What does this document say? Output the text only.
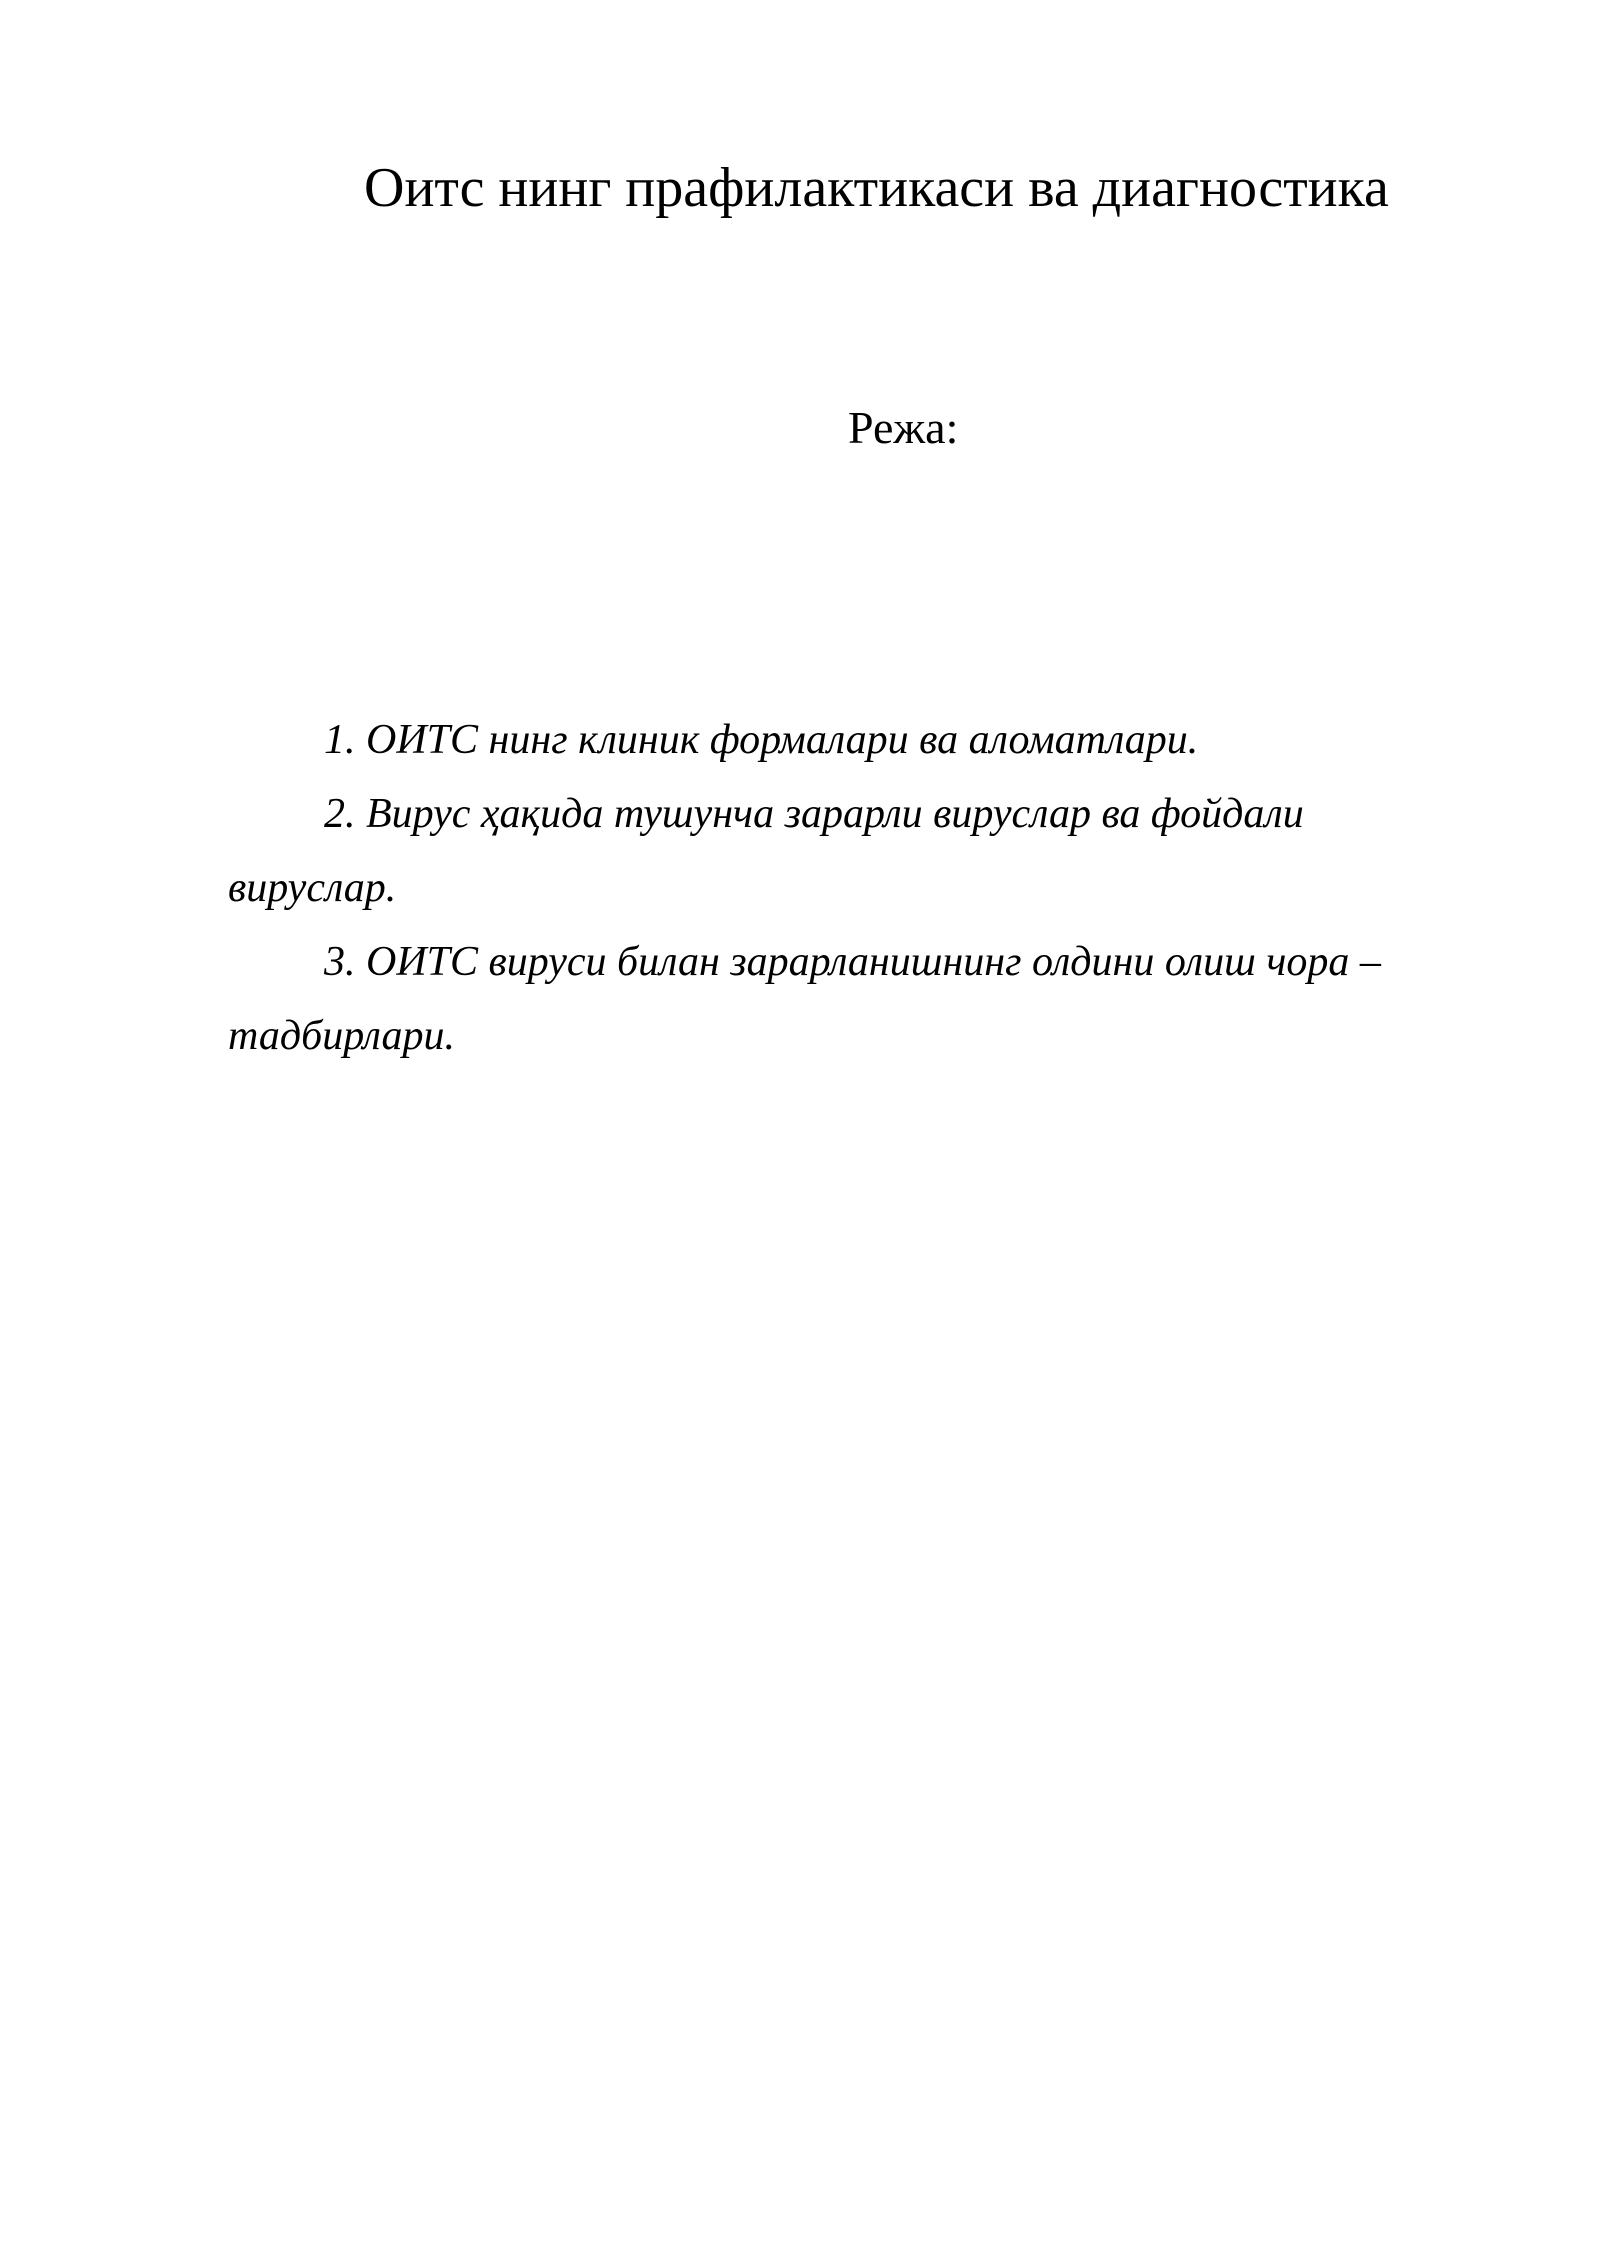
Оитс нинг прафилактикаси ва диагностика
Режа:
1. ОИТС нинг клиник формалари ва аломатлари.
2. Вирус ҳақида тушунча зарарли вируслар ва фойдали вируслар.
3. ОИТС вируси билан зарарланишнинг олдини олиш чора – тадбирлари.
